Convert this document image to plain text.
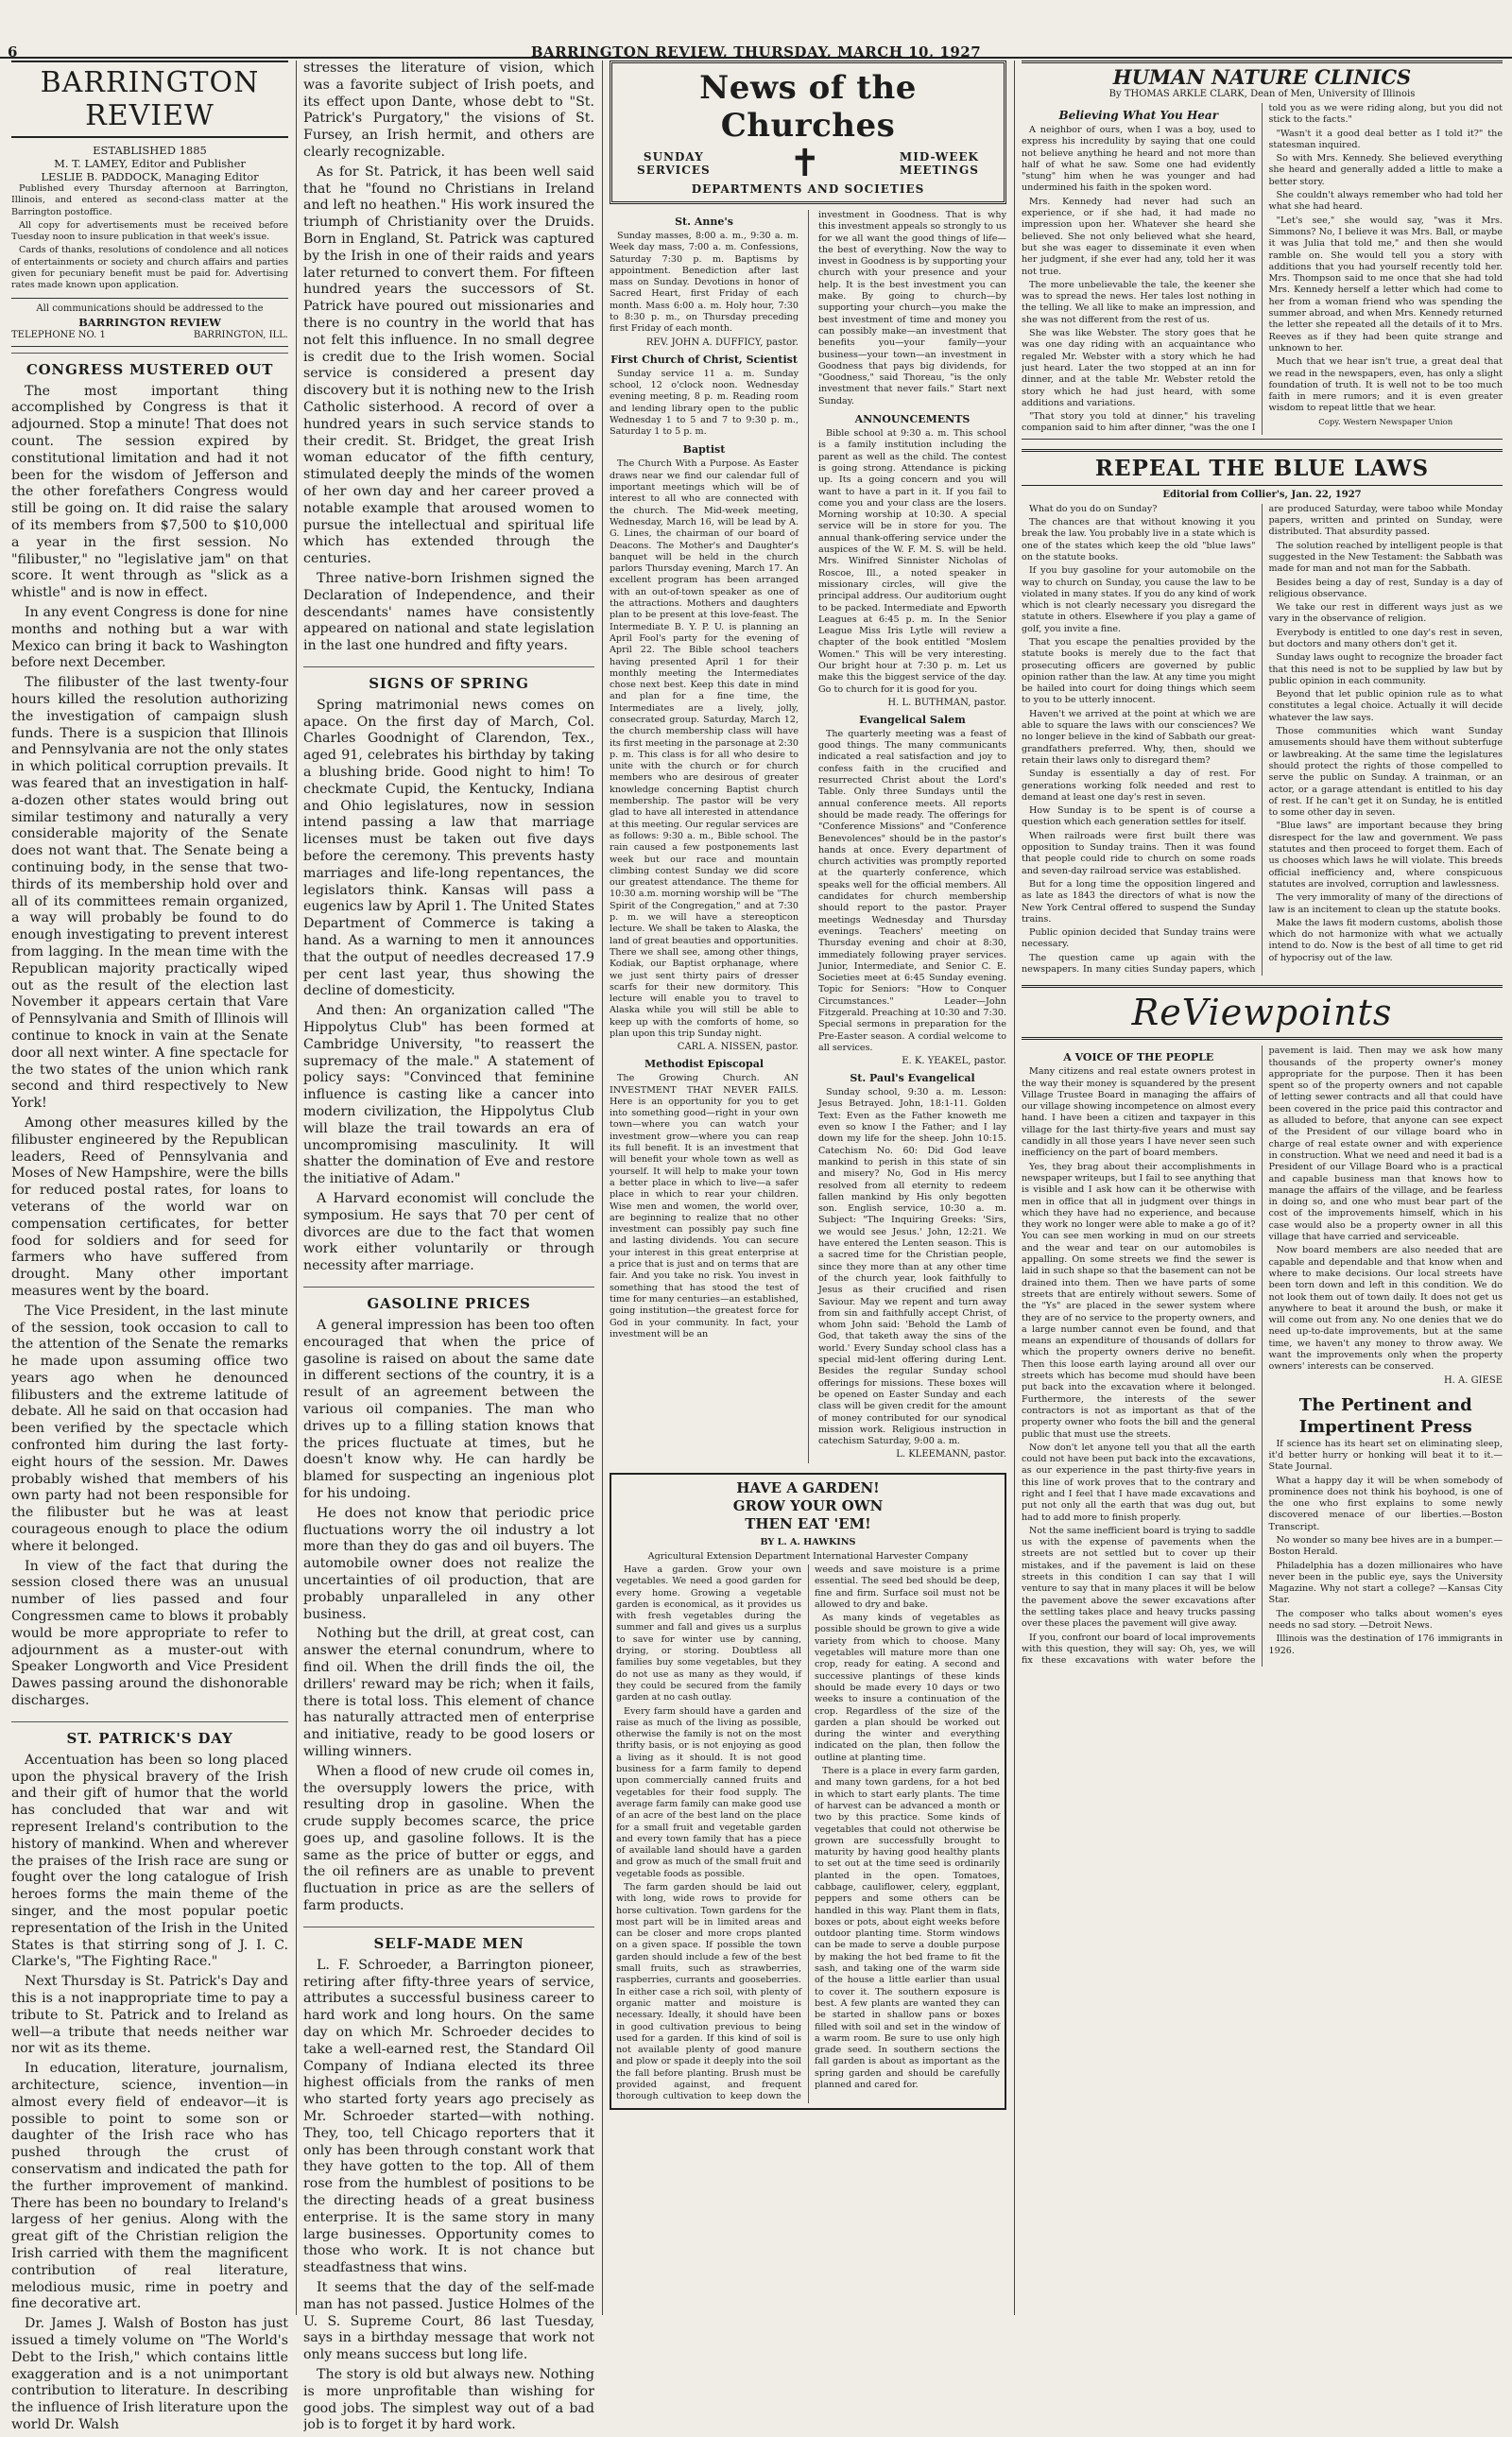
6	BARRINGTON REVIEW, THURSDAY, MARCH 10, 1927
BARRINGTON REVIEW

ESTABLISHED 1885

M. T. LAMEY, Editor and Publisher

LESLIE B. PADDOCK, Managing Editor

Published every Thursday afternoon at Barrington, Illinois, and entered as second-class matter at the Barrington postoffice.

All copy for advertisements must be received before Tuesday noon to insure publication in that week's issue.

Cards of thanks, resolutions of condolence and all notices of entertainments or society and church affairs and parties given for pecuniary benefit must be paid for. Advertising rates made known upon application.

All communications should be addressed to the

BARRINGTON REVIEW

TELEPHONE NO. 1	BARRINGTON, ILL.

CONGRESS MUSTERED OUT

The most important thing accomplished by Congress is that it adjourned. Stop a minute! That does not count. The session expired by constitutional limitation and had it not been for the wisdom of Jefferson and the other forefathers Congress would still be going on. It did raise the salary of its members from $7,500 to $10,000 a year in the first session. No "filibuster," no "legislative jam" on that score. It went through as "slick as a whistle" and is now in effect.

In any event Congress is done for nine months and nothing but a war with Mexico can bring it back to Washington before next December.

The filibuster of the last twenty-four hours killed the resolution authorizing the investigation of campaign slush funds. There is a suspicion that Illinois and Pennsylvania are not the only states in which political corruption prevails. It was feared that an investigation in half-a-dozen other states would bring out similar testimony and naturally a very considerable majority of the Senate does not want that. The Senate being a continuing body, in the sense that two-thirds of its membership hold over and all of its committees remain organized, a way will probably be found to do enough investigating to prevent interest from lagging. In the mean time with the Republican majority practically wiped out as the result of the election last November it appears certain that Vare of Pennsylvania and Smith of Illinois will continue to knock in vain at the Senate door all next winter. A fine spectacle for the two states of the union which rank second and third respectively to New York!

Among other measures killed by the filibuster engineered by the Republican leaders, Reed of Pennsylvania and Moses of New Hampshire, were the bills for reduced postal rates, for loans to veterans of the world war on compensation certificates, for better food for soldiers and for seed for farmers who have suffered from drought. Many other important measures went by the board.

The Vice President, in the last minute of the session, took occasion to call to the attention of the Senate the remarks he made upon assuming office two years ago when he denounced filibusters and the extreme latitude of debate. All he said on that occasion had been verified by the spectacle which confronted him during the last forty-eight hours of the session. Mr. Dawes probably wished that members of his own party had not been responsible for the filibuster but he was at least courageous enough to place the odium where it belonged.

In view of the fact that during the session closed there was an unusual number of lies passed and four Congressmen came to blows it probably would be more appropriate to refer to adjournment as a muster-out with Speaker Longworth and Vice President Dawes passing around the dishonorable discharges.

ST. PATRICK'S DAY

Accentuation has been so long placed upon the physical bravery of the Irish and their gift of humor that the world has concluded that war and wit represent Ireland's contribution to the history of mankind. When and wherever the praises of the Irish race are sung or fought over the long catalogue of Irish heroes forms the main theme of the singer, and the most popular poetic representation of the Irish in the United States is that stirring song of J. I. C. Clarke's, "The Fighting Race."

Next Thursday is St. Patrick's Day and this is a not inappropriate time to pay a tribute to St. Patrick and to Ireland as well—a tribute that needs neither war nor wit as its theme.

In education, literature, journalism, architecture, science, invention—in almost every field of endeavor—it is possible to point to some son or daughter of the Irish race who has pushed through the crust of conservatism and indicated the path for the further improvement of mankind. There has been no boundary to Ireland's largess of her genius. Along with the great gift of the Christian religion the Irish carried with them the magnificent contribution of real literature, melodious music, rime in poetry and fine decorative art.

Dr. James J. Walsh of Boston has just issued a timely volume on "The World's Debt to the Irish," which contains little exaggeration and is a not unimportant contribution to literature. In describing the influence of Irish literature upon the world Dr. Walsh

stresses the literature of vision, which was a favorite subject of Irish poets, and its effect upon Dante, whose debt to "St. Patrick's Purgatory," the visions of St. Fursey, an Irish hermit, and others are clearly recognizable.

As for St. Patrick, it has been well said that he "found no Christians in Ireland and left no heathen." His work insured the triumph of Christianity over the Druids. Born in England, St. Patrick was captured by the Irish in one of their raids and years later returned to convert them. For fifteen hundred years the successors of St. Patrick have poured out missionaries and there is no country in the world that has not felt this influence. In no small degree is credit due to the Irish women. Social service is considered a present day discovery but it is nothing new to the Irish Catholic sisterhood. A record of over a hundred years in such service stands to their credit. St. Bridget, the great Irish woman educator of the fifth century, stimulated deeply the minds of the women of her own day and her career proved a notable example that aroused women to pursue the intellectual and spiritual life which has extended through the centuries.

Three native-born Irishmen signed the Declaration of Independence, and their descendants' names have consistently appeared on national and state legislation in the last one hundred and fifty years.

SIGNS OF SPRING

Spring matrimonial news comes on apace. On the first day of March, Col. Charles Goodnight of Clarendon, Tex., aged 91, celebrates his birthday by taking a blushing bride. Good night to him! To checkmate Cupid, the Kentucky, Indiana and Ohio legislatures, now in session intend passing a law that marriage licenses must be taken out five days before the ceremony. This prevents hasty marriages and life-long repentances, the legislators think. Kansas will pass a eugenics law by April 1. The United States Department of Commerce is taking a hand. As a warning to men it announces that the output of needles decreased 17.9 per cent last year, thus showing the decline of domesticity.

And then: An organization called "The Hippolytus Club" has been formed at Cambridge University, "to reassert the supremacy of the male." A statement of policy says: "Convinced that feminine influence is casting like a cancer into modern civilization, the Hippolytus Club will blaze the trail towards an era of uncompromising masculinity. It will shatter the domination of Eve and restore the initiative of Adam."

A Harvard economist will conclude the symposium. He says that 70 per cent of divorces are due to the fact that women work either voluntarily or through necessity after marriage.

GASOLINE PRICES

A general impression has been too often encouraged that when the price of gasoline is raised on about the same date in different sections of the country, it is a result of an agreement between the various oil companies. The man who drives up to a filling station knows that the prices fluctuate at times, but he doesn't know why. He can hardly be blamed for suspecting an ingenious plot for his undoing.

He does not know that periodic price fluctuations worry the oil industry a lot more than they do gas and oil buyers. The automobile owner does not realize the uncertainties of oil production, that are probably unparalleled in any other business.

Nothing but the drill, at great cost, can answer the eternal conundrum, where to find oil. When the drill finds the oil, the drillers' reward may be rich; when it fails, there is total loss. This element of chance has naturally attracted men of enterprise and initiative, ready to be good losers or willing winners.

When a flood of new crude oil comes in, the oversupply lowers the price, with resulting drop in gasoline. When the crude supply becomes scarce, the price goes up, and gasoline follows. It is the same as the price of butter or eggs, and the oil refiners are as unable to prevent fluctuation in price as are the sellers of farm products.

SELF-MADE MEN

L. F. Schroeder, a Barrington pioneer, retiring after fifty-three years of service, attributes a successful business career to hard work and long hours. On the same day on which Mr. Schroeder decides to take a well-earned rest, the Standard Oil Company of Indiana elected its three highest officials from the ranks of men who started forty years ago precisely as Mr. Schroeder started—with nothing. They, too, tell Chicago reporters that it only has been through constant work that they have gotten to the top. All of them rose from the humblest of positions to be the directing heads of a great business enterprise. It is the same story in many large businesses. Opportunity comes to those who work. It is not chance but steadfastness that wins.

It seems that the day of the self-made man has not passed. Justice Holmes of the U. S. Supreme Court, 86 last Tuesday, says in a birthday message that work not only means success but long life.

The story is old but always new. Nothing is more unprofitable than wishing for good jobs. The simplest way out of a bad job is to forget it by hard work.

News of the Churches
SUNDAY
SERVICES ✝	MID-WEEK
MEETINGS
DEPARTMENTS AND SOCIETIES
St. Anne's

Sunday masses, 8:00 a. m., 9:30 a. m. Week day mass, 7:00 a. m. Confessions, Saturday 7:30 p. m. Baptisms by appointment. Benediction after last mass on Sunday. Devotions in honor of Sacred Heart, first Friday of each month. Mass 6:00 a. m. Holy hour, 7:30 to 8:30 p. m., on Thursday preceding first Friday of each month.

REV. JOHN A. DUFFICY, pastor.

First Church of Christ, Scientist

Sunday service 11 a. m. Sunday school, 12 o'clock noon. Wednesday evening meeting, 8 p. m. Reading room and lending library open to the public Wednesday 1 to 5 and 7 to 9:30 p. m., Saturday 1 to 5 p. m.

Baptist

The Church With a Purpose. As Easter draws near we find our calendar full of important meetings which will be of interest to all who are connected with the church. The Mid-week meeting, Wednesday, March 16, will be lead by A. G. Lines, the chairman of our board of Deacons. The Mother's and Daughter's banquet will be held in the church parlors Thursday evening, March 17. An excellent program has been arranged with an out-of-town speaker as one of the attractions. Mothers and daughters plan to be present at this love-feast. The Intermediate B. Y. P. U. is planning an April Fool's party for the evening of April 22. The Bible school teachers having presented April 1 for their monthly meeting the Intermediates chose next best. Keep this date in mind and plan for a fine time, the Intermediates are a lively, jolly, consecrated group. Saturday, March 12, the church membership class will have its first meeting in the parsonage at 2:30 p. m. This class is for all who desire to unite with the church or for church members who are desirous of greater knowledge concerning Baptist church membership. The pastor will be very glad to have all interested in attendance at this meeting. Our regular services are as follows: 9:30 a. m., Bible school. The rain caused a few postponements last week but our race and mountain climbing contest Sunday we did score our greatest attendance. The theme for 10:30 a.m. morning worship will be "The Spirit of the Congregation," and at 7:30 p. m. we will have a stereopticon lecture. We shall be taken to Alaska, the land of great beauties and opportunities. There we shall see, among other things, Kodiak, our Baptist orphanage, where we just sent thirty pairs of dresser scarfs for their new dormitory. This lecture will enable you to travel to Alaska while you will still be able to keep up with the comforts of home, so plan upon this trip Sunday night.

CARL A. NISSEN, pastor.

Methodist Episcopal

The Growing Church. AN INVESTMENT THAT NEVER FAILS. Here is an opportunity for you to get into something good—right in your own town—where you can watch your investment grow—where you can reap its full benefit. It is an investment that will benefit your whole town as well as yourself. It will help to make your town a better place in which to live—a safer place in which to rear your children. Wise men and women, the world over, are beginning to realize that no other investment can possibly pay such fine and lasting dividends. You can secure your interest in this great enterprise at a price that is just and on terms that are fair. And you take no risk. You invest in something that has stood the test of time for many centuries—an established, going institution—the greatest force for God in your community. In fact, your investment will be an

investment in Goodness. That is why this investment appeals so strongly to us for we all want the good things of life—the best of everything. Now the way to invest in Goodness is by supporting your church with your presence and your help. It is the best investment you can make. By going to church—by supporting your church—you make the best investment of time and money you can possibly make—an investment that benefits you—your family—your business—your town—an investment in Goodness that pays big dividends, for "Goodness," said Thoreau, "is the only investment that never fails." Start next Sunday.

ANNOUNCEMENTS

Bible school at 9:30 a. m. This school is a family institution including the parent as well as the child. The contest is going strong. Attendance is picking up. Its a going concern and you will want to have a part in it. If you fail to come you and your class are the losers. Morning worship at 10:30. A special service will be in store for you. The annual thank-offering service under the auspices of the W. F. M. S. will be held. Mrs. Winifred Sinnister Nicholas of Roscoe, Ill., a noted speaker in missionary circles, will give the principal address. Our auditorium ought to be packed. Intermediate and Epworth Leagues at 6:45 p. m. In the Senior League Miss Iris Lytle will review a chapter of the book entitled "Moslem Women." This will be very interesting. Our bright hour at 7:30 p. m. Let us make this the biggest service of the day. Go to church for it is good for you.

H. L. BUTHMAN, pastor.

Evangelical Salem

The quarterly meeting was a feast of good things. The many communicants indicated a real satisfaction and joy to confess faith in the crucified and resurrected Christ about the Lord's Table. Only three Sundays until the annual conference meets. All reports should be made ready. The offerings for "Conference Missions" and "Conference Benevolences" should be in the pastor's hands at once. Every department of church activities was promptly reported at the quarterly conference, which speaks well for the official members. All candidates for church membership should report to the pastor. Prayer meetings Wednesday and Thursday evenings. Teachers' meeting on Thursday evening and choir at 8:30, immediately following prayer services. Junior, Intermediate, and Senior C. E. Societies meet at 6:45 Sunday evening. Topic for Seniors: "How to Conquer Circumstances." Leader—John Fitzgerald. Preaching at 10:30 and 7:30. Special sermons in preparation for the Pre-Easter season. A cordial welcome to all services.

E. K. YEAKEL, pastor.

St. Paul's Evangelical

Sunday school, 9:30 a. m. Lesson: Jesus Betrayed. John, 18:1-11. Golden Text: Even as the Father knoweth me even so know I the Father; and I lay down my life for the sheep. John 10:15. Catechism No. 60: Did God leave mankind to perish in this state of sin and misery? No, God in His mercy resolved from all eternity to redeem fallen mankind by His only begotten son. English service, 10:30 a. m. Subject: "The Inquiring Greeks: 'Sirs, we would see Jesus.' John, 12:21. We have entered the Lenten season. This is a sacred time for the Christian people, since they more than at any other time of the church year, look faithfully to Jesus as their crucified and risen Saviour. May we repent and turn away from sin and faithfully accept Christ, of whom John said: 'Behold the Lamb of God, that taketh away the sins of the world.' Every Sunday school class has a special mid-lent offering during Lent. Besides the regular Sunday school offerings for missions. These boxes will be opened on Easter Sunday and each class will be given credit for the amount of money contributed for our synodical mission work. Religious instruction in catechism Saturday, 9:00 a. m.

L. KLEEMANN, pastor.

HAVE A GARDEN!
GROW YOUR OWN
THEN EAT 'EM!

BY L. A. HAWKINS

Agricultural Extension Department International Harvester Company

Have a garden. Grow your own vegetables. We need a good garden for every home. Growing a vegetable garden is economical, as it provides us with fresh vegetables during the summer and fall and gives us a surplus to save for winter use by canning, drying, or storing. Doubtless all families buy some vegetables, but they do not use as many as they would, if they could be secured from the family garden at no cash outlay.

Every farm should have a garden and raise as much of the living as possible, otherwise the family is not on the most thrifty basis, or is not enjoying as good a living as it should. It is not good business for a farm family to depend upon commercially canned fruits and vegetables for their food supply. The average farm family can make good use of an acre of the best land on the place for a small fruit and vegetable garden and every town family that has a piece of available land should have a garden and grow as much of the small fruit and vegetable foods as possible.

The farm garden should be laid out with long, wide rows to provide for horse cultivation. Town gardens for the most part will be in limited areas and can be closer and more crops planted on a given space. If possible the town garden should include a few of the best small fruits, such as strawberries, raspberries, currants and gooseberries. In either case a rich soil, with plenty of organic matter and moisture is necessary. Ideally, it should have been in good cultivation previous to being used for a garden. If this kind of soil is not available plenty of good manure and plow or spade it deeply into the soil the fall before planting. Brush must be provided against, and frequent thorough cultivation to keep down the weeds and save moisture is a prime essential. The seed bed should be deep, fine and firm. Surface soil must not be allowed to dry and bake.

As many kinds of vegetables as possible should be grown to give a wide variety from which to choose. Many vegetables will mature more than one crop, ready for eating. A second and successive plantings of these kinds should be made every 10 days or two weeks to insure a continuation of the crop. Regardless of the size of the garden a plan should be worked out during the winter and everything indicated on the plan, then follow the outline at planting time.

There is a place in every farm garden, and many town gardens, for a hot bed in which to start early plants. The time of harvest can be advanced a month or two by this practice. Some kinds of vegetables that could not otherwise be grown are successfully brought to maturity by having good healthy plants to set out at the time seed is ordinarily planted in the open. Tomatoes, cabbage, cauliflower, celery, eggplant, peppers and some others can be handled in this way. Plant them in flats, boxes or pots, about eight weeks before outdoor planting time. Storm windows can be made to serve a double purpose by making the hot bed frame to fit the sash, and taking one of the warm side of the house a little earlier than usual to cover it. The southern exposure is best. A few plants are wanted they can be started in shallow pans or boxes filled with soil and set in the window of a warm room. Be sure to use only high grade seed. In southern sections the fall garden is about as important as the spring garden and should be carefully planned and cared for.

HUMAN NATURE CLINICS

By THOMAS ARKLE CLARK, Dean of Men, University of Illinois

Believing What You Hear

A neighbor of ours, when I was a boy, used to express his incredulity by saying that one could not believe anything he heard and not more than half of what he saw. Some one had evidently "stung" him when he was younger and had undermined his faith in the spoken word.

Mrs. Kennedy had never had such an experience, or if she had, it had made no impression upon her. Whatever she heard she believed. She not only believed what she heard, but she was eager to disseminate it even when her judgment, if she ever had any, told her it was not true.

The more unbelievable the tale, the keener she was to spread the news. Her tales lost nothing in the telling. We all like to make an impression, and she was not different from the rest of us.

She was like Webster. The story goes that he was one day riding with an acquaintance who regaled Mr. Webster with a story which he had just heard. Later the two stopped at an inn for dinner, and at the table Mr. Webster retold the story which he had just heard, with some additions and variations.

"That story you told at dinner," his traveling companion said to him after dinner, "was the one I told you as we were riding along, but you did not stick to the facts."

"Wasn't it a good deal better as I told it?" the statesman inquired.

So with Mrs. Kennedy. She believed everything she heard and generally added a little to make a better story.

She couldn't always remember who had told her what she had heard.

"Let's see," she would say, "was it Mrs. Simmons? No, I believe it was Mrs. Ball, or maybe it was Julia that told me," and then she would ramble on. She would tell you a story with additions that you had yourself recently told her. Mrs. Thompson said to me once that she had told Mrs. Kennedy herself a letter which had come to her from a woman friend who was spending the summer abroad, and when Mrs. Kennedy returned the letter she repeated all the details of it to Mrs. Reeves as if they had been quite strange and unknown to her.

Much that we hear isn't true, a great deal that we read in the newspapers, even, has only a slight foundation of truth. It is well not to be too much faith in mere rumors; and it is even greater wisdom to repeat little that we hear.

Copy. Western Newspaper Union

REPEAL THE BLUE LAWS

Editorial from Collier's, Jan. 22, 1927

What do you do on Sunday?

The chances are that without knowing it you break the law. You probably live in a state which is one of the states which keep the old "blue laws" on the statute books.

If you buy gasoline for your automobile on the way to church on Sunday, you cause the law to be violated in many states. If you do any kind of work which is not clearly necessary you disregard the statute in others. Elsewhere if you play a game of golf, you invite a fine.

That you escape the penalties provided by the statute books is merely due to the fact that prosecuting officers are governed by public opinion rather than the law. At any time you might be hailed into court for doing things which seem to you to be utterly innocent.

Haven't we arrived at the point at which we are able to square the laws with our consciences? We no longer believe in the kind of Sabbath our great-grandfathers preferred. Why, then, should we retain their laws only to disregard them?

Sunday is essentially a day of rest. For generations working folk needed and rest to demand at least one day's rest in seven.

How Sunday is to be spent is of course a question which each generation settles for itself.

When railroads were first built there was opposition to Sunday trains. Then it was found that people could ride to church on some roads and seven-day railroad service was established.

But for a long time the opposition lingered and as late as 1843 the directors of what is now the New York Central offered to suspend the Sunday trains.

Public opinion decided that Sunday trains were necessary.

The question came up again with the newspapers. In many cities Sunday papers, which are produced Saturday, were taboo while Monday papers, written and printed on Sunday, were distributed. That absurdity passed.

The solution reached by intelligent people is that suggested in the New Testament: the Sabbath was made for man and not man for the Sabbath.

Besides being a day of rest, Sunday is a day of religious observance.

We take our rest in different ways just as we vary in the observance of religion.

Everybody is entitled to one day's rest in seven, but doctors and many others don't get it.

Sunday laws ought to recognize the broader fact that this need is not to be supplied by law but by public opinion in each community.

Beyond that let public opinion rule as to what constitutes a legal choice. Actually it will decide whatever the law says.

Those communities which want Sunday amusements should have them without subterfuge or lawbreaking. At the same time the legislatures should protect the rights of those compelled to serve the public on Sunday. A trainman, or an actor, or a garage attendant is entitled to his day of rest. If he can't get it on Sunday, he is entitled to some other day in seven.

"Blue laws" are important because they bring disrespect for the law and government. We pass statutes and then proceed to forget them. Each of us chooses which laws he will violate. This breeds official inefficiency and, where conspicuous statutes are involved, corruption and lawlessness.

The very immorality of many of the directions of law is an incitement to clean up the statute books.

Make the laws fit modern customs, abolish those which do not harmonize with what we actually intend to do. Now is the best of all time to get rid of hypocrisy out of the law.

ReViewpoints
A VOICE OF THE PEOPLE

Many citizens and real estate owners protest in the way their money is squandered by the present Village Trustee Board in managing the affairs of our village showing incompetence on almost every hand. I have been a citizen and taxpayer in this village for the last thirty-five years and must say candidly in all those years I have never seen such inefficiency on the part of board members.

Yes, they brag about their accomplishments in newspaper writeups, but I fail to see anything that is visible and I ask how can it be otherwise with men in office that all in judgment over things in which they have had no experience, and because they work no longer were able to make a go of it? You can see men working in mud on our streets and the wear and tear on our automobiles is appalling. On some streets we find the sewer is laid in such shape so that the basement can not be drained into them. Then we have parts of some streets that are entirely without sewers. Some of the "Ys" are placed in the sewer system where they are of no service to the property owners, and a large number cannot even be found, and that means an expenditure of thousands of dollars for which the property owners derive no benefit. Then this loose earth laying around all over our streets which has become mud should have been put back into the excavation where it belonged. Furthermore, the interests of the sewer contractors is not as important as that of the property owner who foots the bill and the general public that must use the streets.

Now don't let anyone tell you that all the earth could not have been put back into the excavations, as our experience in the past thirty-five years in this line of work proves that to the contrary and right and I feel that I have made excavations and put not only all the earth that was dug out, but had to add more to finish properly.

Not the same inefficient board is trying to saddle us with the expense of pavements when the streets are not settled but to cover up their mistakes, and if the pavement is laid on these streets in this condition I can say that I will venture to say that in many places it will be below the pavement above the sewer excavations after the settling takes place and heavy trucks passing over these places the pavement will give away.

If you, confront our board of local improvements with this question, they will say: Oh, yes, we will fix these excavations with water before the pavement is laid. Then may we ask how many thousands of the property owner's money appropriate for the purpose. Then it has been spent so of the property owners and not capable of letting sewer contracts and all that could have been covered in the price paid this contractor and as alluded to before, that anyone can see expect of the President of our village board who in charge of real estate owner and with experience in construction. What we need and need it bad is a President of our Village Board who is a practical and capable business man that knows how to manage the affairs of the village, and be fearless in doing so, and one who must bear part of the cost of the improvements himself, which in his case would also be a property owner in all this village that have carried and serviceable.

Now board members are also needed that are capable and dependable and that know when and where to make decisions. Our local streets have been torn down and left in this condition. We do not look them out of town daily. It does not get us anywhere to beat it around the bush, or make it will come out from any. No one denies that we do need up-to-date improvements, but at the same time, we haven't any money to throw away. We want the improvements only when the property owners' interests can be conserved.

H. A. GIESE

The Pertinent and
Impertinent Press

If science has its heart set on eliminating sleep, it'd better hurry or honking will beat it to it.—State Journal.

What a happy day it will be when somebody of prominence does not think his boyhood, is one of the one who first explains to some newly discovered menace of our liberties.—Boston Transcript.

No wonder so many bee hives are in a bumper.—Boston Herald.

Philadelphia has a dozen millionaires who have never been in the public eye, says the University Magazine. Why not start a college? —Kansas City Star.

The composer who talks about women's eyes needs no sad story. —Detroit News.

Illinois was the destination of 176 immigrants in 1926.
